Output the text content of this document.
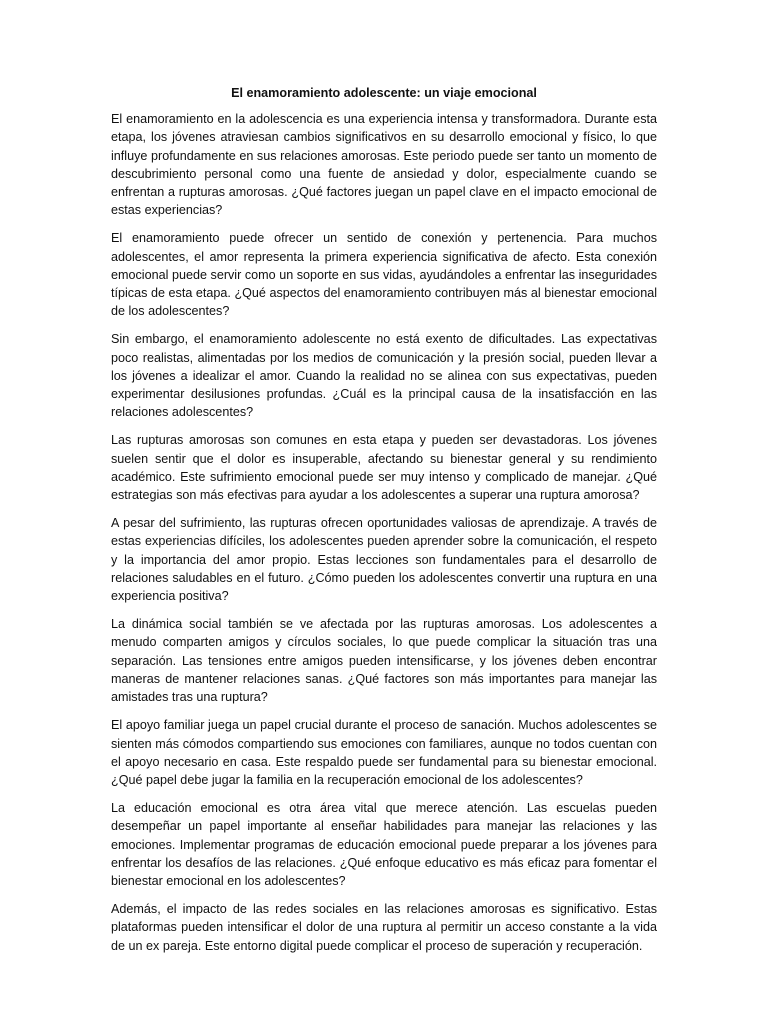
El enamoramiento adolescente: un viaje emocional

El enamoramiento en la adolescencia es una experiencia intensa y transformadora. Durante esta etapa, los jóvenes atraviesan cambios significativos en su desarrollo emocional y físico, lo que influye profundamente en sus relaciones amorosas. Este periodo puede ser tanto un momento de descubrimiento personal como una fuente de ansiedad y dolor, especialmente cuando se enfrentan a rupturas amorosas. ¿Qué factores juegan un papel clave en el impacto emocional de estas experiencias?

El enamoramiento puede ofrecer un sentido de conexión y pertenencia. Para muchos adolescentes, el amor representa la primera experiencia significativa de afecto. Esta conexión emocional puede servir como un soporte en sus vidas, ayudándoles a enfrentar las inseguridades típicas de esta etapa. ¿Qué aspectos del enamoramiento contribuyen más al bienestar emocional de los adolescentes?

Sin embargo, el enamoramiento adolescente no está exento de dificultades. Las expectativas poco realistas, alimentadas por los medios de comunicación y la presión social, pueden llevar a los jóvenes a idealizar el amor. Cuando la realidad no se alinea con sus expectativas, pueden experimentar desilusiones profundas. ¿Cuál es la principal causa de la insatisfacción en las relaciones adolescentes?

Las rupturas amorosas son comunes en esta etapa y pueden ser devastadoras. Los jóvenes suelen sentir que el dolor es insuperable, afectando su bienestar general y su rendimiento académico. Este sufrimiento emocional puede ser muy intenso y complicado de manejar. ¿Qué estrategias son más efectivas para ayudar a los adolescentes a superar una ruptura amorosa?

A pesar del sufrimiento, las rupturas ofrecen oportunidades valiosas de aprendizaje. A través de estas experiencias difíciles, los adolescentes pueden aprender sobre la comunicación, el respeto y la importancia del amor propio. Estas lecciones son fundamentales para el desarrollo de relaciones saludables en el futuro. ¿Cómo pueden los adolescentes convertir una ruptura en una experiencia positiva?

La dinámica social también se ve afectada por las rupturas amorosas. Los adolescentes a menudo comparten amigos y círculos sociales, lo que puede complicar la situación tras una separación. Las tensiones entre amigos pueden intensificarse, y los jóvenes deben encontrar maneras de mantener relaciones sanas. ¿Qué factores son más importantes para manejar las amistades tras una ruptura?

El apoyo familiar juega un papel crucial durante el proceso de sanación. Muchos adolescentes se sienten más cómodos compartiendo sus emociones con familiares, aunque no todos cuentan con el apoyo necesario en casa. Este respaldo puede ser fundamental para su bienestar emocional. ¿Qué papel debe jugar la familia en la recuperación emocional de los adolescentes?

La educación emocional es otra área vital que merece atención. Las escuelas pueden desempeñar un papel importante al enseñar habilidades para manejar las relaciones y las emociones. Implementar programas de educación emocional puede preparar a los jóvenes para enfrentar los desafíos de las relaciones. ¿Qué enfoque educativo es más eficaz para fomentar el bienestar emocional en los adolescentes?

Además, el impacto de las redes sociales en las relaciones amorosas es significativo. Estas plataformas pueden intensificar el dolor de una ruptura al permitir un acceso constante a la vida de un ex pareja. Este entorno digital puede complicar el proceso de superación y recuperación.
